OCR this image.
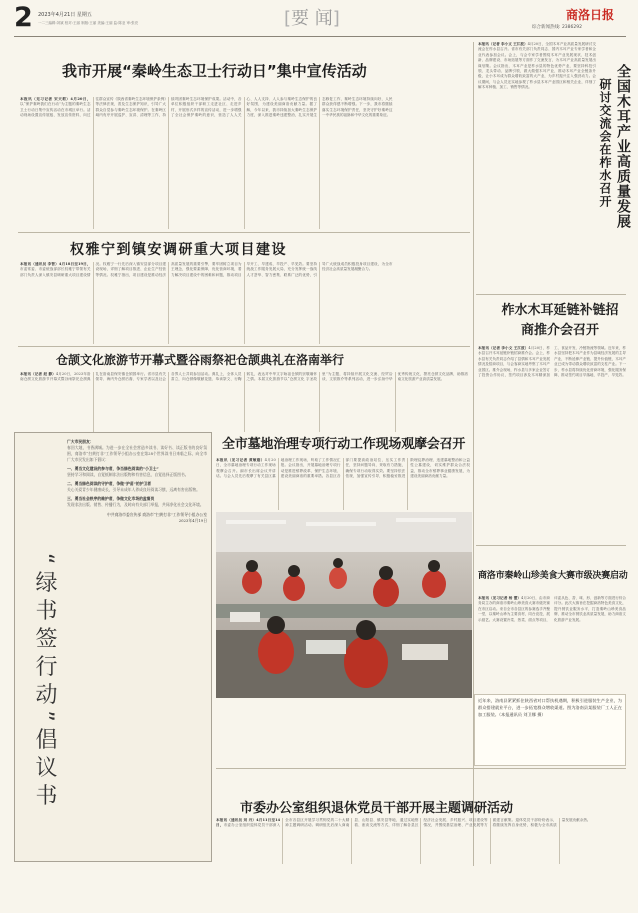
2 2023年4月21日 星期五
一二三编辑:刘斌 校对:王丽 制版:王丽 美编:王丽 监:陈亚 审:张亮	[要 闻]	商洛日报
综合新闻热线: 2386292
我市开展“秦岭生态卫士行动日”集中宣传活动
本报讯（见习记者 宋天莉）4月20日，以“保护秦岭我们在行动”为主题的秦岭生态卫士行动日集中宣传活动在市城区举行。活动现场设置宣传展板、发放宣传资料，向过往群众宣传《陕西省秦岭生态环境保护条例》等法律法规，普及生态保护知识，引导广大群众自觉参与秦岭生态环境保护。在秦岭区域内有序开展巡护、宣讲、清理等工作，持续巩固秦岭生态环境保护成果。活动中，各单位积极组织干部职工走进社区、走进乡村，开展形式多样的宣传活动，进一步增强了全社会保护秦岭的意识，营造了人人关心、人人支持、人人参与秦岭生态保护的良好氛围，为建设美丽商洛贡献力量。据了解，今年以来，我市持续加大秦岭生态保护力度，深入推进秦岭违建整治，扎实开展生态修复工作，秦岭生态环境持续向好，人民群众获得感不断增强。下一步，我市将继续落实生态环境保护责任，坚决守护好秦岭这一中华民族的祖脉和中华文化的重要象征。
权雅宁到镇安调研重大项目建设
本报讯（通讯员 李智）4月18日至19日，市委常委、市委统战部部长权雅宁带领有关部门负责人深入镇安县调研重大项目建设情况。权雅宁一行先后深入镇安县部分项目建设现场，详细了解项目推进、企业生产经营等情况。权雅宁指出，项目建设是推动经济高质量发展的重要引擎，要牢固树立项目为王理念，强化要素保障，优化营商环境，着力解决项目建设中的困难和问题，推动项目早开工、早建成、早投产、早见效。要坚持统战工作服务发展大局，充分发挥统一战线人才荟萃、智力密集、联系广泛的优势，引导广大统战成员积极投身项目建设，为全市经济社会高质量发展凝聚合力。
仓颉文化旅游节开幕式暨谷雨祭祀仓颉典礼在洛南举行
本报讯（记者 赵 静）4月20日，2023年洛南仓颉文化旅游节开幕式暨谷雨祭祀仓颉典礼在洛南县保安镇仓颉园举行。省市县有关领导、海内外仓颉后裔、专家学者以及社会各界人士共同参加活动。典礼上，全体人员肃立，向仓颉像敬献花篮、恭读祭文、行鞠躬礼，表达对中华文字始祖仓颉的崇敬缅怀之情。本届文化旅游节以“仓颉文化 字圣故里”为主题，将持续开展文化交流、经贸洽谈、文旅推介等系列活动，进一步弘扬中华优秀传统文化，擦亮仓颉文化品牌，助推洛南文化旅游产业高质量发展。
本报讯（记者 李小文 王江波）4月20日，全国木耳产业高质量发展研讨交流会在柞水县召开。省市有关部门负责同志、国内木耳产业专家学者和企业代表参加会议。会上，与会专家学者围绕木耳产业发展现状、技术创新、品牌建设、市场拓展等方面作了交流发言，为木耳产业高质量发展出谋划策。会议指出，木耳产业是柞水县的特色优势产业，要坚持科技引领、龙头带动、品牌引领，做大做强木耳产业，推动木耳产业全链条升级，让小木耳成为群众增收致富的大产业，为乡村振兴注入强劲动力。会议期间，与会人员还实地参观了柞水县木耳产业园区和相关企业，详细了解木耳种植、加工、销售等情况。	全国木耳产业高质量发展
研讨交流会在柞水召开
柞水木耳延链补链招商推介会召开
本报讯（记者 李小文 王江波）4月20日，柞水县召开木耳延链补链招商推介会。会上，柞水县有关负责同志介绍了县情和木耳产业发展情况及招商项目，与会客商实地考察了木耳产业园区。推介会现场，柞水县与多家企业签订了投资合作协议，签约项目涉及木耳精深加工、食品开发、冷链物流等领域。近年来，柞水县坚持把木耳产业作为县域经济发展的主导产业，不断延伸产业链、提升价值链，木耳产业已成为带动群众增收致富的支柱产业。下一步，柞水县将持续优化营商环境，强化服务保障，推动签约项目早落地、早投产、早见效。
商洛市秦岭山珍美食大赛市级决赛启动
本报讯（见习记者 杨 蕾）4月20日，由市商务局主办的商洛市秦岭山珍美食大赛市级决赛在市区启动。来自全市各县区的参赛选手齐聚一堂，以秦岭山珍为主要食材，同台竞技，展示厨艺。大赛设置冷菜、热菜、面点等项目，评委从色、香、味、形、创新等方面进行综合评分。此次大赛旨在挖掘商洛特色美食文化，提升餐饮业服务水平，打造秦岭山珍美食品牌，推动全市餐饮业高质量发展，助力商洛文化旅游产业发展。
“绿书签行动”倡议书
广大市民朋友：
春回大地，书香满城。为进一步在全社会营造多读书、读好书、读正版书的良好氛围，商洛市“扫黄打非”工作领导小组办公室在第28个世界读书日来临之际，向全市广大市民发出如下倡议：
一、勇当文化建设的参与者，争当绿色阅读的“小卫士”
坚持学习和阅读，自觉抵制非法出版物和有害信息，自觉选择正版图书。
二、勇当绿色阅读的守护者，争做“护苗”的护卫者
关心关爱青少年健康成长，引导未成年人养成良好阅读习惯，远离有害出版物。
三、勇当社会秩序的维护者，争做文化市场的监督员
发现非法出版、销售、传播行为，及时向有关部门举报，共同净化社会文化环境。
中共商洛市委宣传部 商洛市“扫黄打非”工作领导小组办公室
2023年4月19日
全市墓地治理专项行动工作现场观摩会召开
本报讯（见习记者 黄敏刚）4月20日，全市墓地治理专项行动工作现场观摩会召开。副市长出席会议并讲话。与会人员先后观摩了有关县区墓地治理工作现场，听取了工作情况汇报。会议指出，开展墓地治理专项行动是推进殡葬改革、保护生态环境、建设美丽商洛的重要举措。各县区各部门要提高政治站位，压实工作责任，坚持问题导向，采取有力措施，确保专项行动取得实效。要坚持依法依规，加强宣传引导，积极稳妥推进散埋乱葬治理、违建墓地整治和公益性公墓建设，切实维护群众合法权益，推动全市殡葬事业健康发展，为建设美丽商洛贡献力量。
近年来，洛南县紧紧抓住陕西省对口帮扶机遇期，积极引进服装生产企业，为群众搭建就业平台，进一步拓宽群众增收渠道。图为洛南县某服装厂工人正在加工服装。（本报通讯员 刘卫娜 摄）
市委办公室组织退休党员干部开展主题调研活动
本报讯（通讯员 刘 丹）4月11日至14日，市委办公室组织退休党员干部深入全市各县区开展学习贯彻党的二十大精神主题调研活动。调研组先后深入商南县、山阳县、镇安县等地，通过实地察看、座谈交流等方式，详细了解各县区经济社会发展、乡村振兴、项目建设等情况，并围绕基层治理、产业发展等方面建言献策。退休党员干部纷纷表示，将继续发挥自身优势，积极为全市高质量发展贡献余热。
